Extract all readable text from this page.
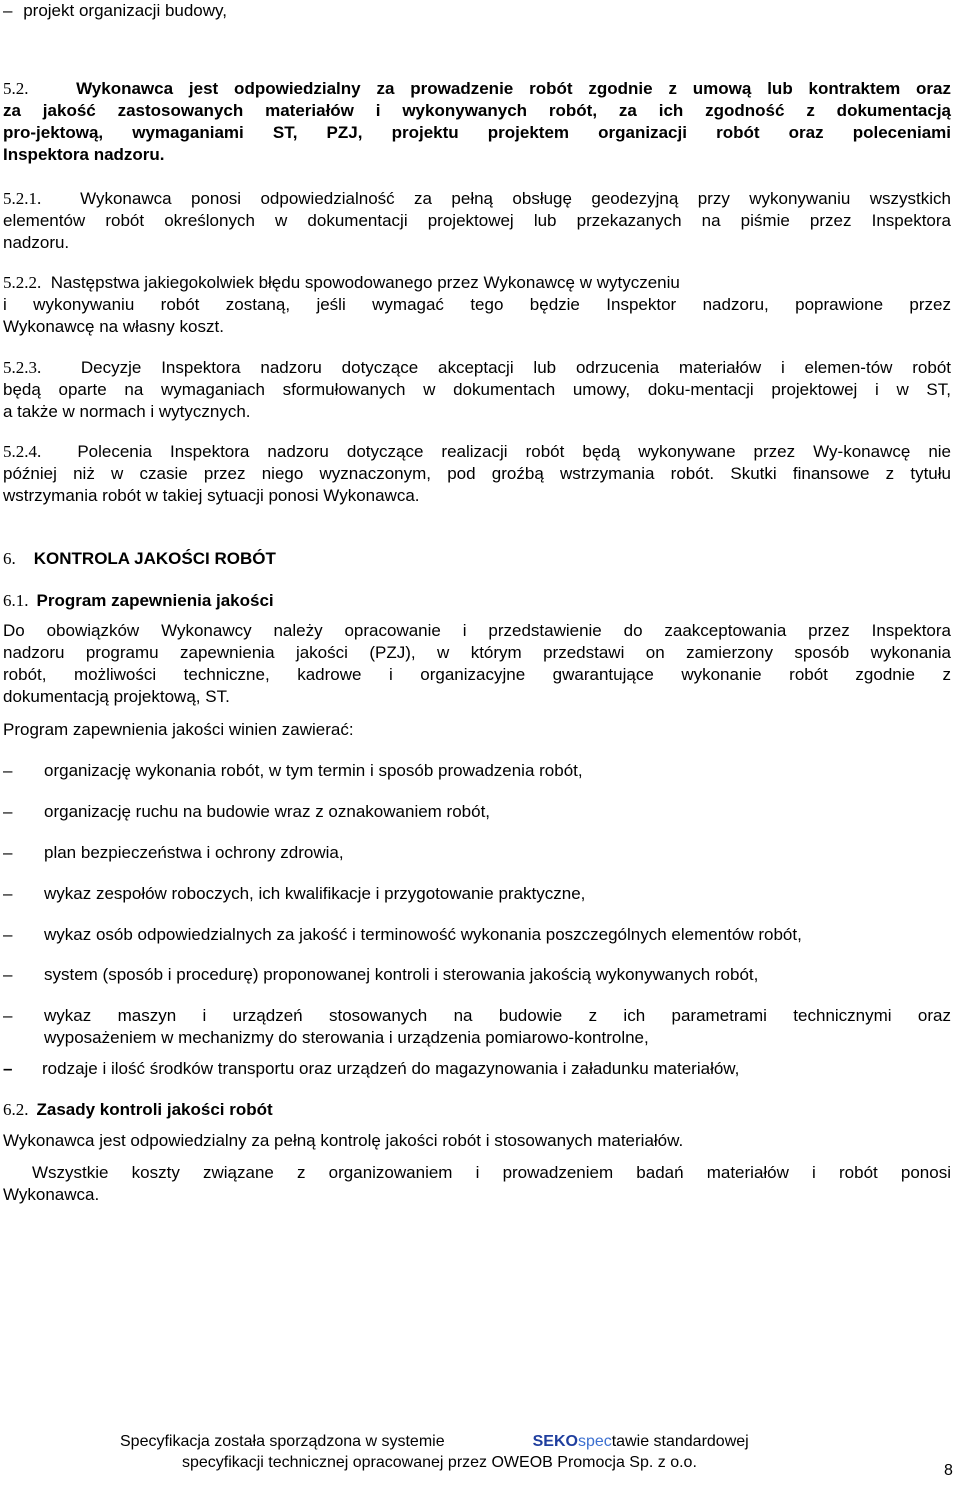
– projekt organizacji budowy,
5.2.	Wykonawca jest odpowiedzialny za prowadzenie robót zgodnie z umową lub kontraktem oraz
za jakość zastosowanych materiałów i wykonywanych robót, za ich zgodność z dokumentacją
pro-jektową, wymaganiami ST, PZJ, projektu projektem organizacji robót oraz poleceniami
Inspektora nadzoru.
5.2.1. Wykonawca ponosi odpowiedzialność za pełną obsługę geodezyjną przy wykonywaniu wszystkich
elementów robót określonych w dokumentacji projektowej lub przekazanych na piśmie przez Inspektora
nadzoru.
5.2.2. Następstwa jakiegokolwiek błędu spowodowanego przez Wykonawcę w wytyczeniu
i wykonywaniu robót zostaną, jeśli wymagać tego będzie Inspektor nadzoru, poprawione przez
Wykonawcę na własny koszt.
5.2.3. Decyzje Inspektora nadzoru dotyczące akceptacji lub odrzucenia materiałów i elemen-tów robót
będą oparte na wymaganiach sformułowanych w dokumentach umowy, doku-mentacji projektowej i w ST,
a także w normach i wytycznych.
5.2.4. Polecenia Inspektora nadzoru dotyczące realizacji robót będą wykonywane przez Wy-konawcę nie
później niż w czasie przez niego wyznaczonym, pod groźbą wstrzymania robót. Skutki finansowe z tytułu
wstrzymania robót w takiej sytuacji ponosi Wykonawca.
6. KONTROLA JAKOŚCI ROBÓT
6.1. Program zapewnienia jakości
Do obowiązków Wykonawcy należy opracowanie i przedstawienie do zaakceptowania przez Inspektora
nadzoru programu zapewnienia jakości (PZJ), w którym przedstawi on zamierzony sposób wykonania
robót, możliwości techniczne, kadrowe i organizacyjne gwarantujące wykonanie robót zgodnie z
dokumentacją projektową, ST.
Program zapewnienia jakości winien zawierać:
–	organizację wykonania robót, w tym termin i sposób prowadzenia robót,
–	organizację ruchu na budowie wraz z oznakowaniem robót,
–	plan bezpieczeństwa i ochrony zdrowia,
–	wykaz zespołów roboczych, ich kwalifikacje i przygotowanie praktyczne,
–	wykaz osób odpowiedzialnych za jakość i terminowość wykonania poszczególnych elementów robót,
–	system (sposób i procedurę) proponowanej kontroli i sterowania jakością wykonywanych robót,
–	wykaz maszyn i urządzeń stosowanych na budowie z ich parametrami technicznymi oraz
wyposażeniem w mechanizmy do sterowania i urządzenia pomiarowo-kontrolne,
–	rodzaje i ilość środków transportu oraz urządzeń do magazynowania i załadunku materiałów,
6.2. Zasady kontroli jakości robót
Wykonawca jest odpowiedzialny za pełną kontrolę jakości robót i stosowanych materiałów.
Wszystkie koszty związane z organizowaniem i prowadzeniem badań materiałów i robót ponosi
Wykonawca.
Specyfikacja została sporządzona w systemie	SEKOspectawie standardowej
specyfikacji technicznej opracowanej przez OWEOB Promocja Sp. z o.o.	8
